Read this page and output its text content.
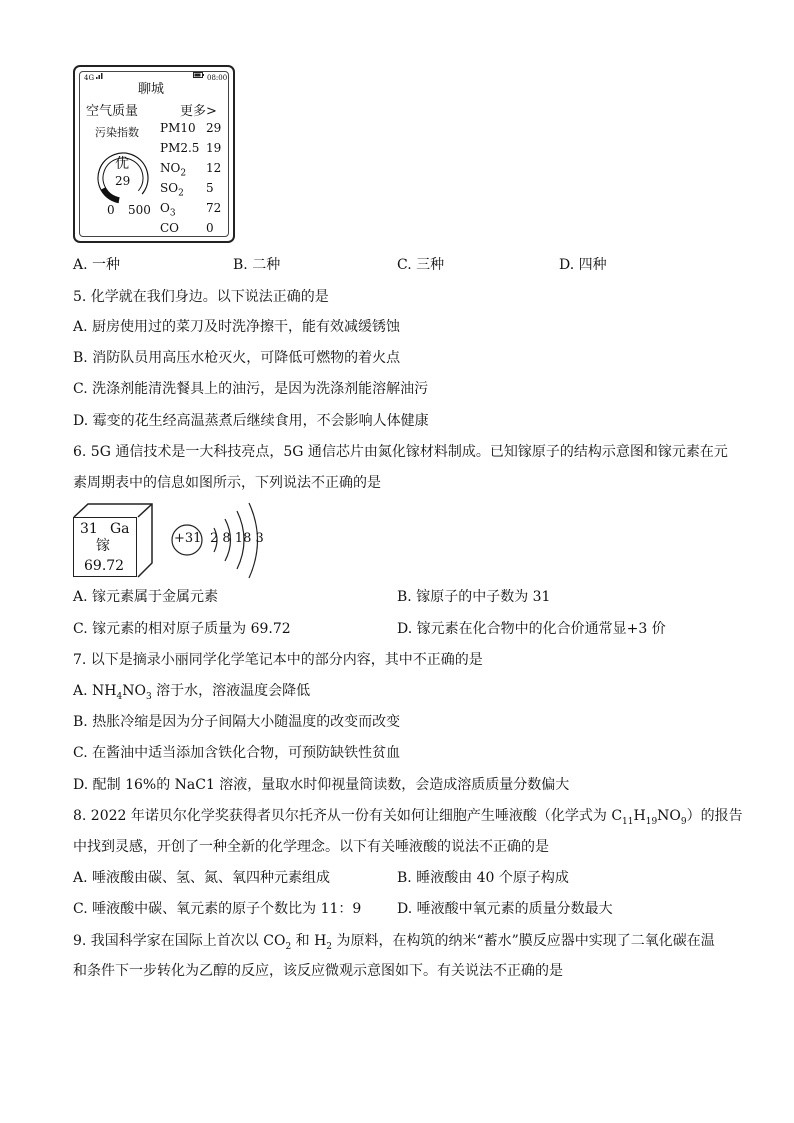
4G	08:00
聊城
空气质量	更多>
污染指数
优
29
0 500
PM10 29
PM2.5 19
$NO_2$ 12
$SO_2$ 5
$O_3$	72
CO 0
A. 一种	B. 二种	C. 三种	D. 四种
5. 化学就在我们身边。以下说法正确的是
A. 厨房使用过的菜刀及时洗净擦干，能有效减缓锈蚀
B. 消防队员用高压水枪灭火，可降低可燃物的着火点
C. 洗涤剂能清洗餐具上的油污，是因为洗涤剂能溶解油污
D. 霉变的花生经高温蒸煮后继续食用，不会影响人体健康
6. 5G 通信技术是一大科技亮点，5G 通信芯片由氮化镓材料制成。已知镓原子的结构示意图和镓元素在元
素周期表中的信息如图所示，下列说法不正确的是
31 Ga
镓
69.72
+31 2 8 18 3
A. 镓元素属于金属元素	B. 镓原子的中子数为 31
C. 镓元素的相对原子质量为 69.72	D. 镓元素在化合物中的化合价通常显+3 价
7. 以下是摘录小丽同学化学笔记本中的部分内容，其中不正确的是
A. $NH_4NO_3$ 溶于水，溶液温度会降低
B. 热胀冷缩是因为分子间隔大小随温度的改变而改变
C. 在酱油中适当添加含铁化合物，可预防缺铁性贫血
D. 配制 16%的 NaC1 溶液，量取水时仰视量筒读数，会造成溶质质量分数偏大
8. 2022 年诺贝尔化学奖获得者贝尔托齐从一份有关如何让细胞产生唾液酸（化学式为 $C_{11}H_{19}NO_9$）的报告
中找到灵感，开创了一种全新的化学理念。以下有关唾液酸的说法不正确的是
A. 唾液酸由碳、氢、氮、氧四种元素组成	B. 睡液酸由 40 个原子构成
C. 唾液酸中碳、氧元素的原子个数比为 11：9	D. 唾液酸中氧元素的质量分数最大
9. 我国科学家在国际上首次以 $CO_2$ 和 $H_2$ 为原料，在构筑的纳米“蓄水”膜反应器中实现了二氧化碳在温
和条件下一步转化为乙醇的反应，该反应微观示意图如下。有关说法不正确的是
